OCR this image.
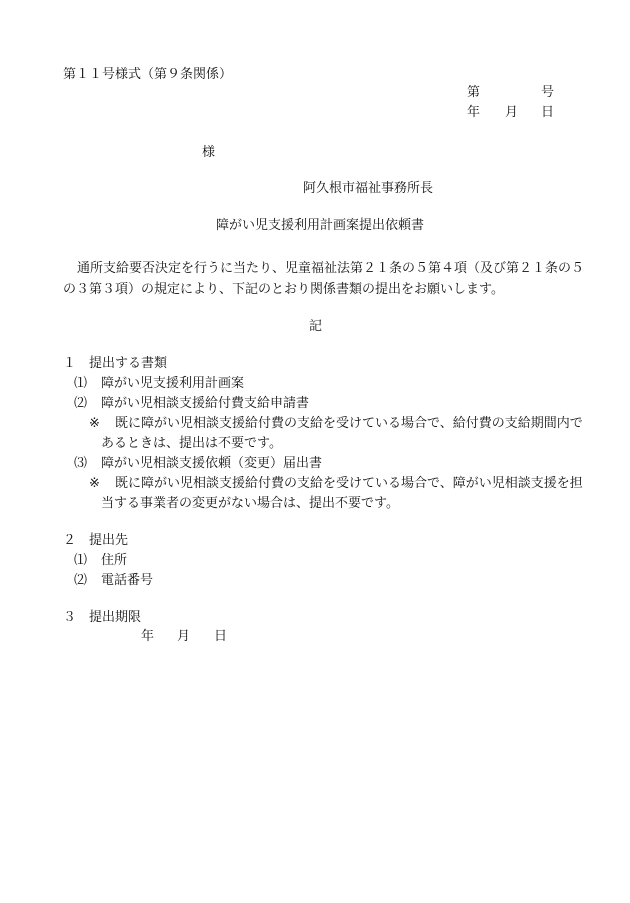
第１１号様式（第９条関係）
第	号
年 月 日
様
阿久根市福祉事務所長
障がい児支援利用計画案提出依頼書
通所支給要否決定を行うに当たり、児童福祉法第２１条の５第４項（及び第２１条の５
の３第３項）の規定により、下記のとおり関係書類の提出をお願いします。
記
１ 提出する書類
⑴ 障がい児支援利用計画案
⑵ 障がい児相談支援給付費支給申請書
※ 既に障がい児相談支援給付費の支給を受けている場合で、給付費の支給期間内で
あるときは、提出は不要です。
⑶ 障がい児相談支援依頼（変更）届出書
※ 既に障がい児相談支援給付費の支給を受けている場合で、障がい児相談支援を担
当する事業者の変更がない場合は、提出不要です。
２ 提出先
⑴ 住所
⑵ 電話番号
３ 提出期限
年 月 日
